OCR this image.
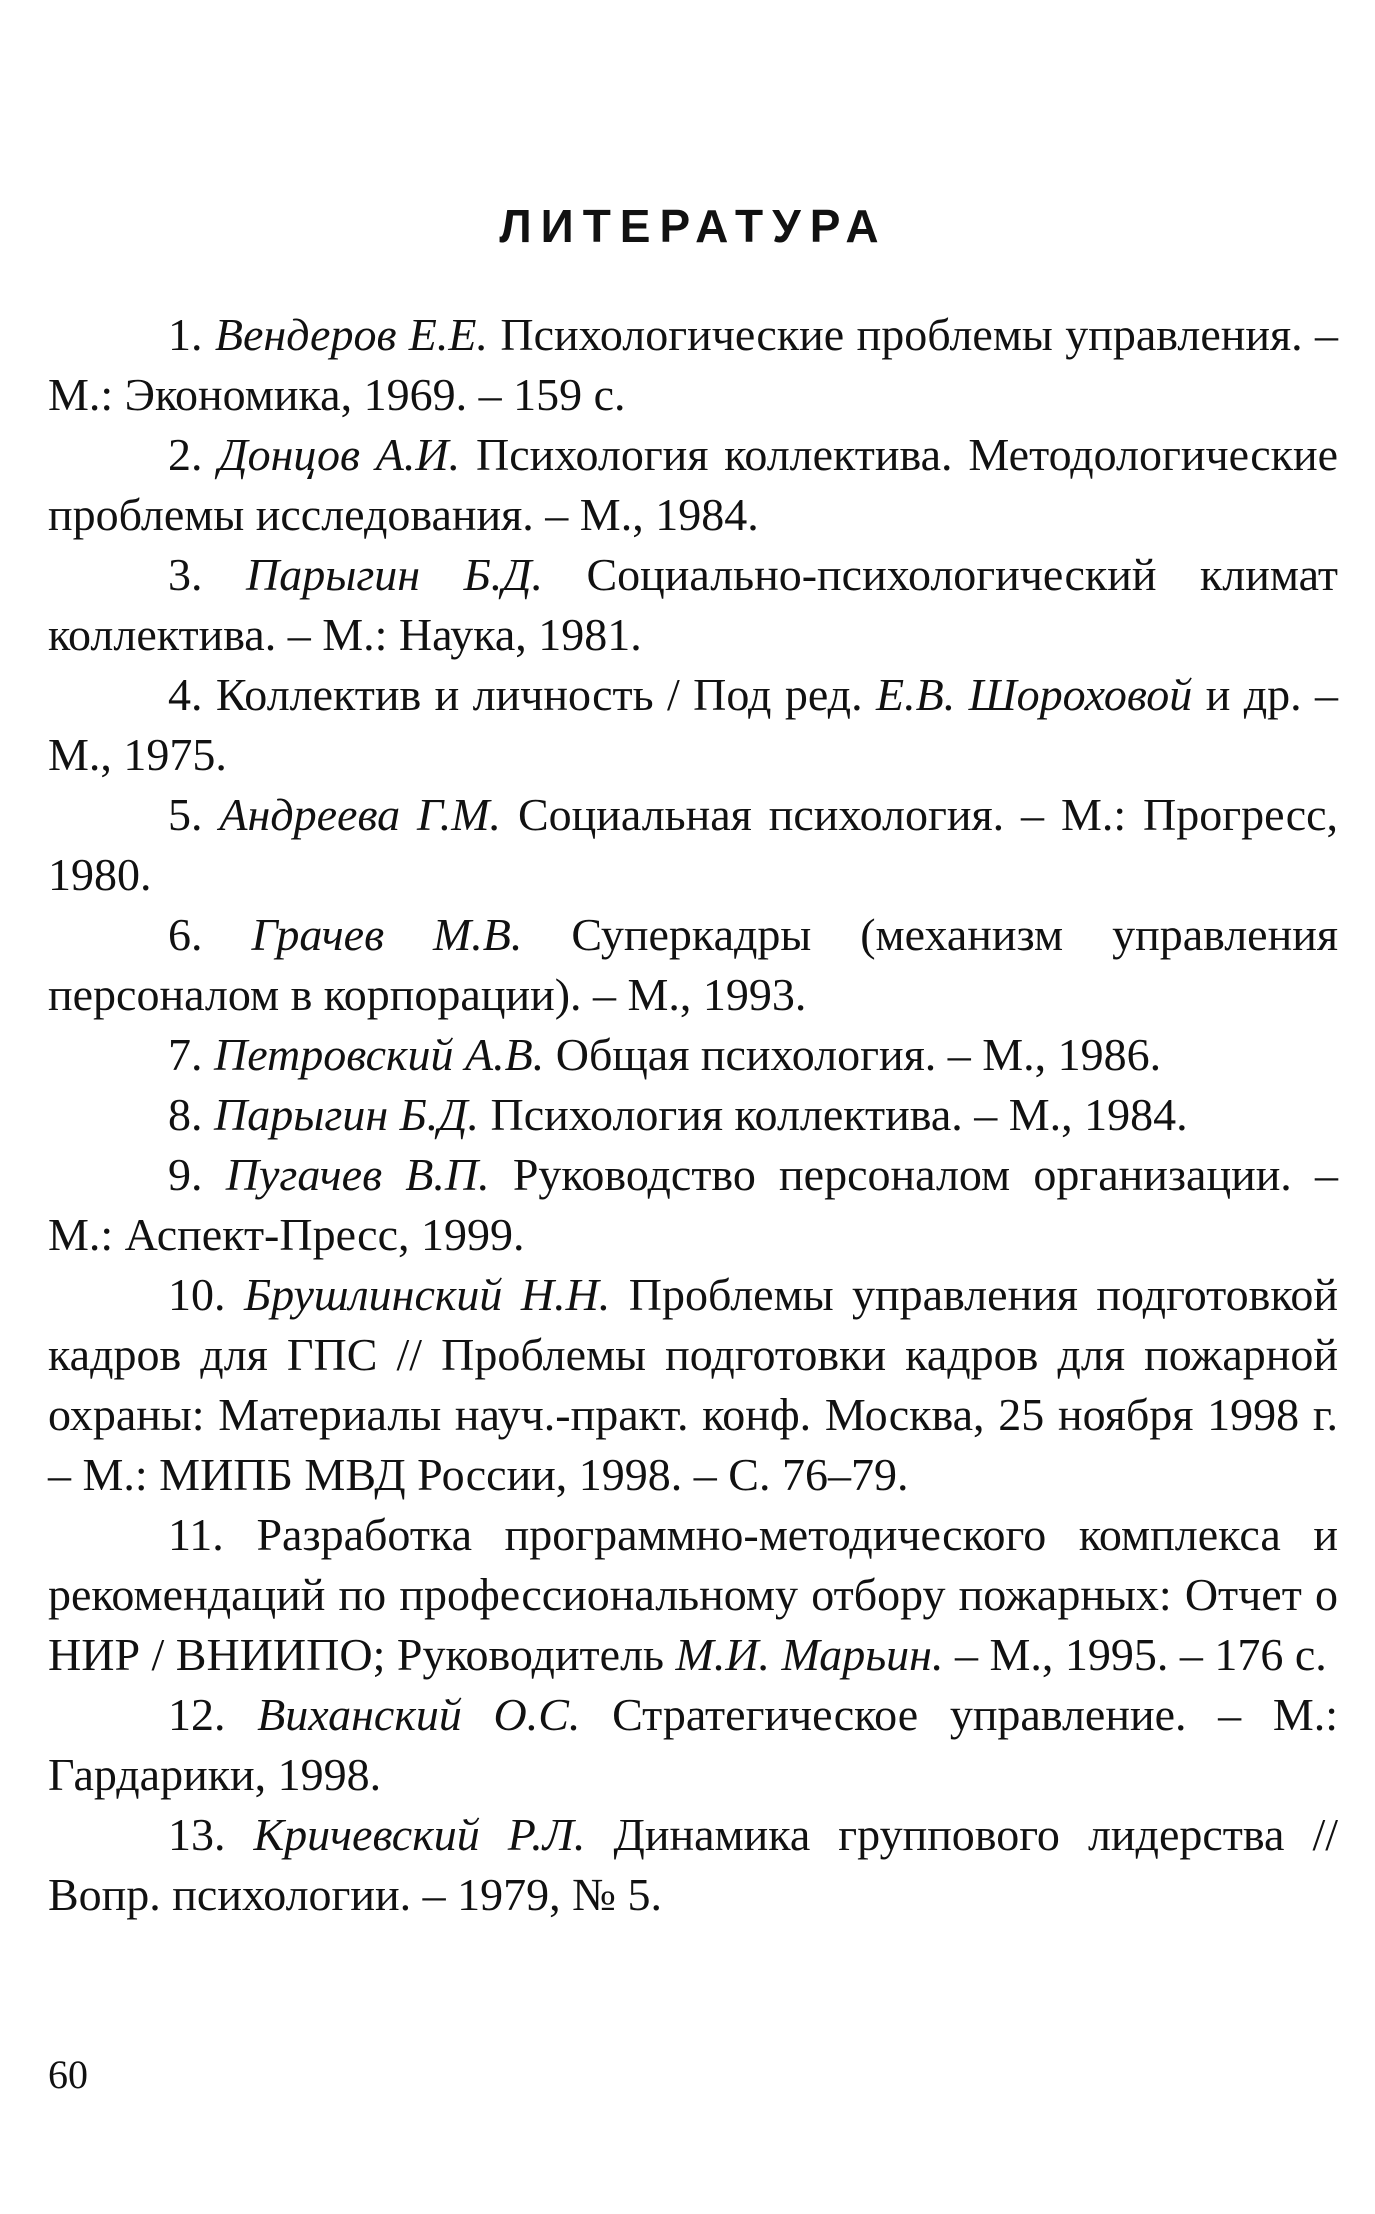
ЛИТЕРАТУРА
1. Вендеров Е.Е. Психологические проблемы управления. – М.: Экономика, 1969. – 159 с.
2. Донцов А.И. Психология коллектива. Методологические проблемы исследования. – М., 1984.
3. Парыгин Б.Д. Социально-психологический климат коллектива. – М.: Наука, 1981.
4. Коллектив и личность / Под ред. Е.В. Шороховой и др. – М., 1975.
5. Андреева Г.М. Социальная психология. – М.: Прогресс, 1980.
6. Грачев М.В. Суперкадры (механизм управления персоналом в корпорации). – М., 1993.
7. Петровский А.В. Общая психология. – М., 1986.
8. Парыгин Б.Д. Психология коллектива. – М., 1984.
9. Пугачев В.П. Руководство персоналом организации. – М.: Аспект-Пресс, 1999.
10. Брушлинский Н.Н. Проблемы управления подготовкой кадров для ГПС // Проблемы подготовки кадров для пожарной охраны: Материалы науч.-практ. конф. Москва, 25 ноября 1998 г. – М.: МИПБ МВД России, 1998. – С. 76–79.
11. Разработка программно-методического комплекса и рекомендаций по профессиональному отбору пожарных: Отчет о НИР / ВНИИПО; Руководитель М.И. Марьин. – М., 1995. – 176 с.
12. Виханский О.С. Стратегическое управление. – М.: Гардарики, 1998.
13. Кричевский Р.Л. Динамика группового лидерства // Вопр. психологии. – 1979, № 5.
60
